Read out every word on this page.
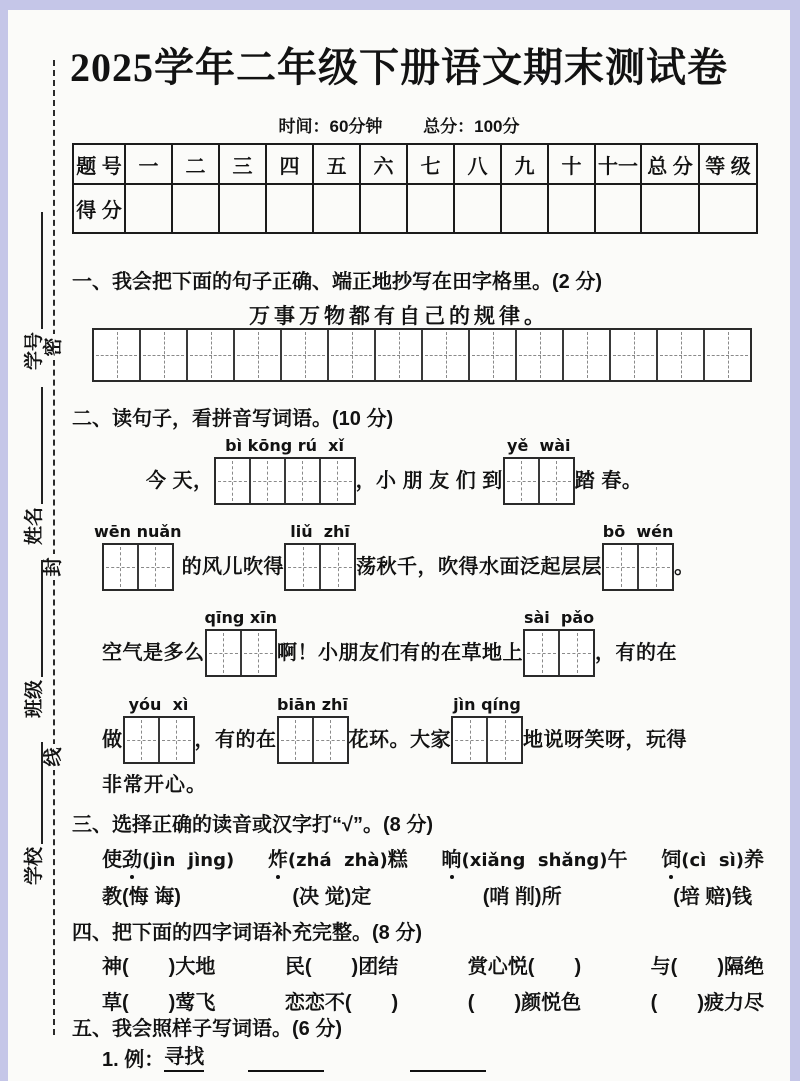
密
封
线
学号
姓名
班级
学校
2025学年二年级下册语文期末测试卷
时间：60分钟 总分：100分
题 号	一	二	三	四	五	六	七	八	九	十	十一	总 分	等 级
得 分													
一、我会把下面的句子正确、端正地抄写在田字格里。(2 分)
万事万物都有自己的规律。
二、读句子，看拼音写词语。(10 分)
今 天，
bì kōng rú  xǐ
，小 朋 友 们 到
yě  wài
踏 春。
wēn nuǎn
的风儿吹得
liǔ  zhī
荡秋千，吹得水面泛起层层
bō  wén
。
空气是多么
qīng xīn
啊！小朋友们有的在草地上
sài  pǎo
，有的在
做
yóu  xì
，有的在
biān zhī
花环。大家
jìn qíng
地说呀笑呀，玩得
非常开心。
三、选择正确的读音或汉字打“√”。(8 分)
使劲(jìn  jìng) 炸(zhá  zhà)糕 晌(xiǎng  shǎng)午 饲(cì  sì)养
教(悔 诲)	(决 觉)定	(哨 削)所	(培 赔)钱
四、把下面的四字词语补充完整。(8 分)
神(　　)大地	民(　　)团结	赏心悦(　　)	与(　　)隔绝
草(　　)莺飞	恋恋不(　　)	(　　)颜悦色	(　　)疲力尽
五、我会照样子写词语。(6 分)
1. 例： 寻找
